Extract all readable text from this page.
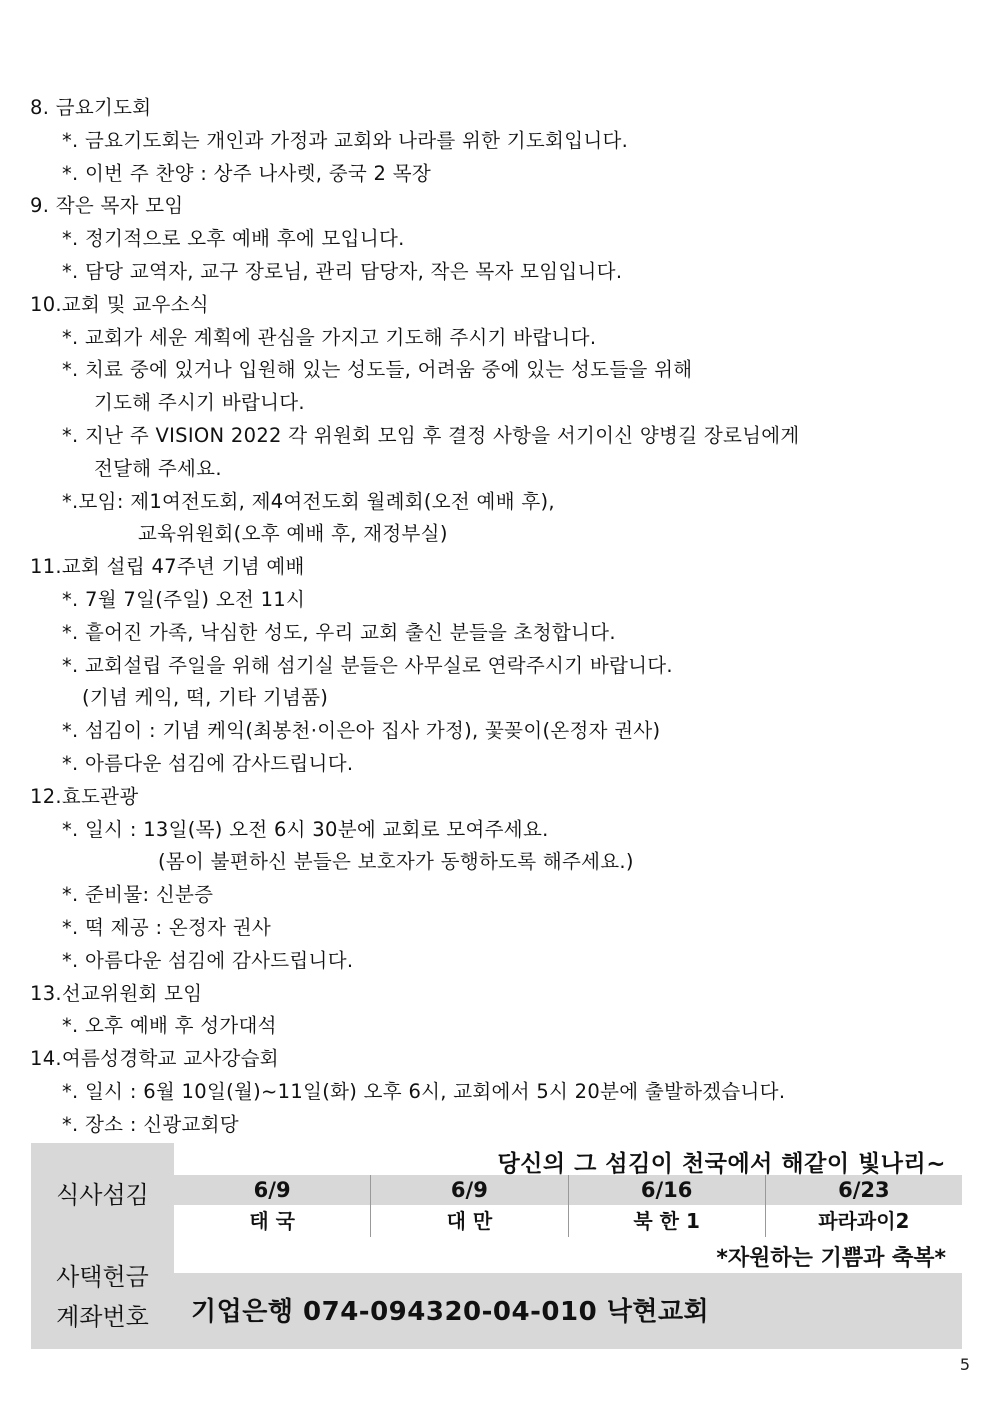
8. 금요기도회
*. 금요기도회는 개인과 가정과 교회와 나라를 위한 기도회입니다.
*. 이번 주 찬양 : 상주 나사렛, 중국 2 목장
9. 작은 목자 모임
*. 정기적으로 오후 예배 후에 모입니다.
*. 담당 교역자, 교구 장로님, 관리 담당자, 작은 목자 모임입니다.
10.교회 및 교우소식
*. 교회가 세운 계획에 관심을 가지고 기도해 주시기 바랍니다.
*. 치료 중에 있거나 입원해 있는 성도들, 어려움 중에 있는 성도들을 위해
기도해 주시기 바랍니다.
*. 지난 주 VISION 2022 각 위원회 모임 후 결정 사항을 서기이신 양병길 장로님에게
전달해 주세요.
*.모임: 제1여전도회, 제4여전도회 월례회(오전 예배 후),
교육위원회(오후 예배 후, 재정부실)
11.교회 설립 47주년 기념 예배
*. 7월 7일(주일) 오전 11시
*. 흩어진 가족, 낙심한 성도, 우리 교회 출신 분들을 초청합니다.
*. 교회설립 주일을 위해 섬기실 분들은 사무실로 연락주시기 바랍니다.
(기념 케익, 떡, 기타 기념품)
*. 섬김이 : 기념 케익(최봉천·이은아 집사 가정), 꽃꽂이(온정자 권사)
*. 아름다운 섬김에 감사드립니다.
12.효도관광
*. 일시 : 13일(목) 오전 6시 30분에 교회로 모여주세요.
(몸이 불편하신 분들은 보호자가 동행하도록 해주세요.)
*. 준비물: 신분증
*. 떡 제공 : 온정자 권사
*. 아름다운 섬김에 감사드립니다.
13.선교위원회 모임
*. 오후 예배 후 성가대석
14.여름성경학교 교사강습회
*. 일시 : 6월 10일(월)~11일(화) 오후 6시, 교회에서 5시 20분에 출발하겠습니다.
*. 장소 : 신광교회당
식사섬김
사택헌금
계좌번호
당신의 그 섬김이 천국에서 해같이 빛나리~
6/9	6/9	6/16	6/23
태 국	대 만	북 한 1	파라과이2
*자원하는 기쁨과 축복*
기업은행 074-094320-04-010 낙현교회
5
